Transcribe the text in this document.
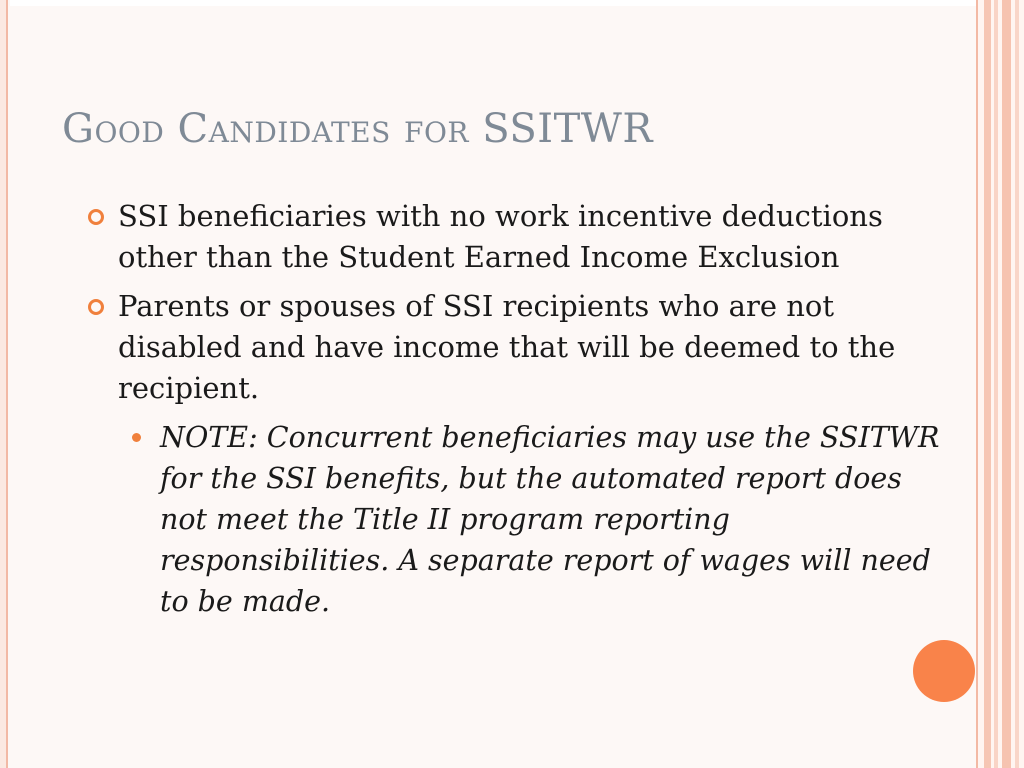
Good Candidates for SSITWR
SSI beneficiaries with no work incentive deductions other than the Student Earned Income Exclusion
Parents or spouses of SSI recipients who are not disabled and have income that will be deemed to the recipient.
NOTE: Concurrent beneficiaries may use the SSITWR for the SSI benefits, but the automated report does not meet the Title II program reporting responsibilities. A separate report of wages will need to be made.
